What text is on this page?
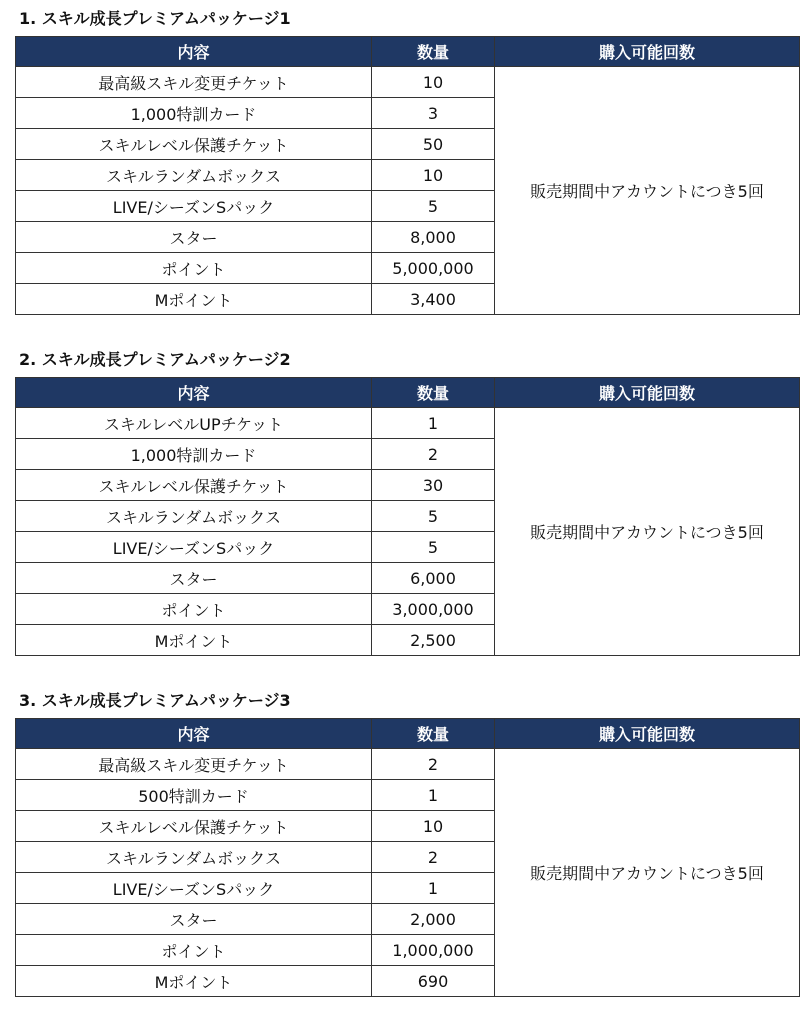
1. スキル成長プレミアムパッケージ1
内容	数量	購入可能回数
最高級スキル変更チケット	10	販売期間中アカウントにつき5回
1,000特訓カード	3	
スキルレベル保護チケット	50	
スキルランダムボックス	10	
LIVE/シーズンSパック	5	
スター	8,000	
ポイント	5,000,000	
Mポイント	3,400	
2. スキル成長プレミアムパッケージ2
内容	数量	購入可能回数
スキルレベルUPチケット	1	販売期間中アカウントにつき5回
1,000特訓カード	2	
スキルレベル保護チケット	30	
スキルランダムボックス	5	
LIVE/シーズンSパック	5	
スター	6,000	
ポイント	3,000,000	
Mポイント	2,500	
3. スキル成長プレミアムパッケージ3
内容	数量	購入可能回数
最高級スキル変更チケット	2	販売期間中アカウントにつき5回
500特訓カード	1	
スキルレベル保護チケット	10	
スキルランダムボックス	2	
LIVE/シーズンSパック	1	
スター	2,000	
ポイント	1,000,000	
Mポイント	690	
